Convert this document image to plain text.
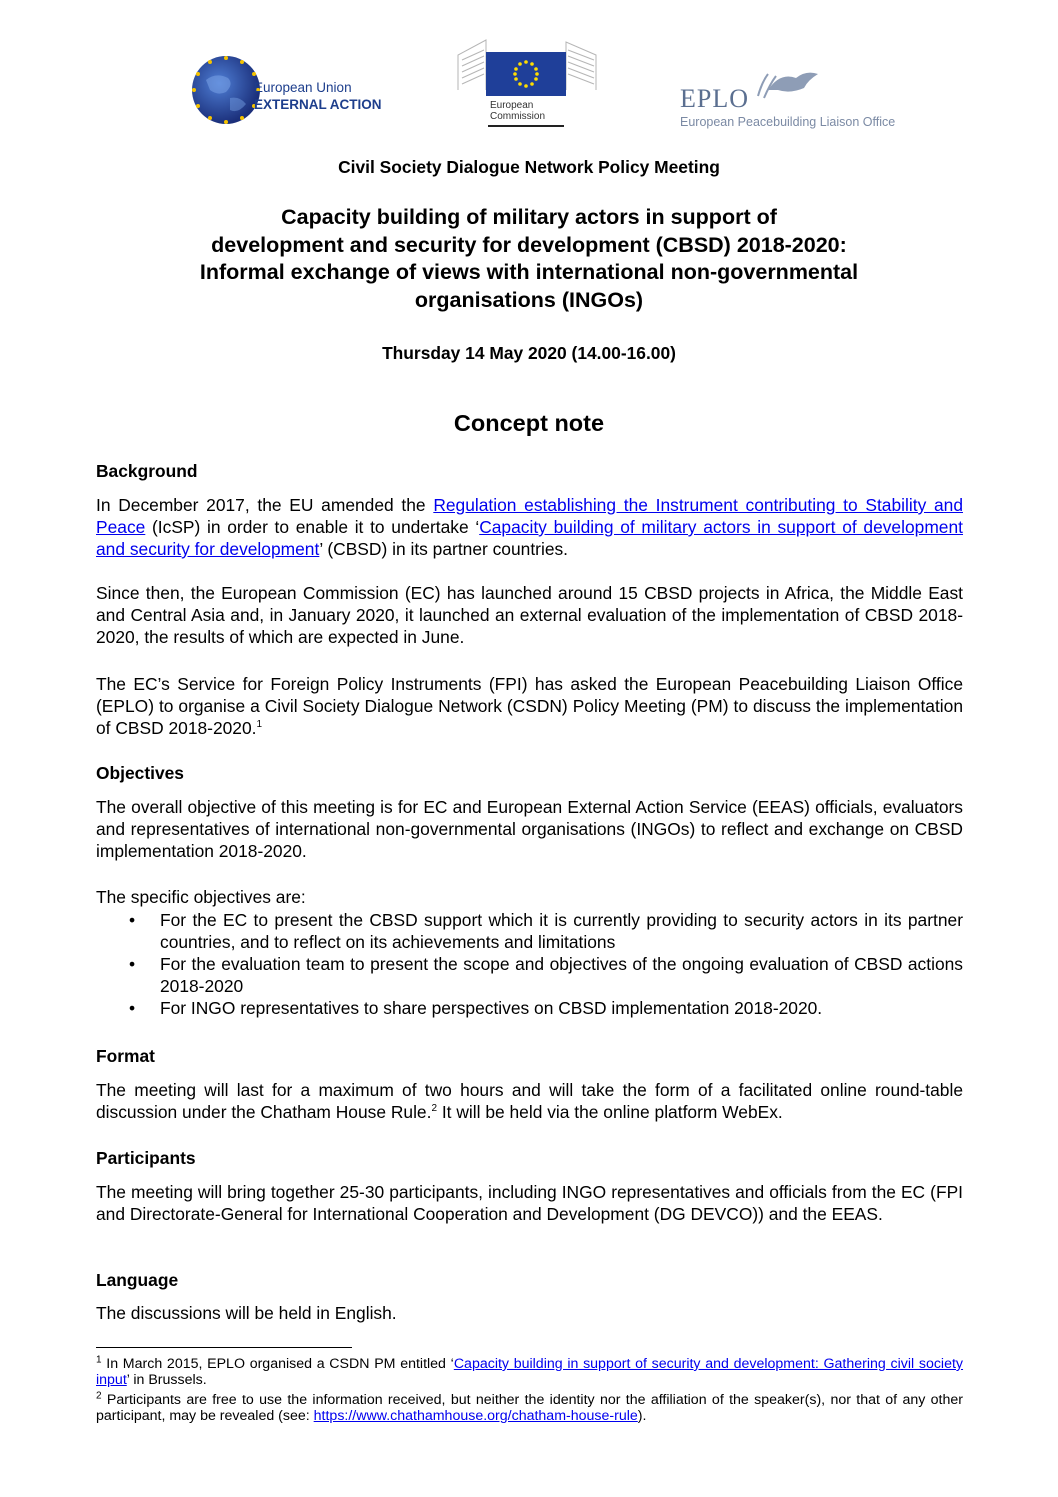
European Union
EXTERNAL ACTION	European
Commission
EPLO
European Peacebuilding Liaison Office
Civil Society Dialogue Network Policy Meeting
Capacity building of military actors in support of
development and security for development (CBSD) 2018-2020:
Informal exchange of views with international non-governmental
organisations (INGOs)
Thursday 14 May 2020 (14.00-16.00)
Concept note
Background
In December 2017, the EU amended the Regulation establishing the Instrument contributing to Stability and Peace (IcSP) in order to enable it to undertake ‘Capacity building of military actors in support of development and security for development’ (CBSD) in its partner countries.
Since then, the European Commission (EC) has launched around 15 CBSD projects in Africa, the Middle East and Central Asia and, in January 2020, it launched an external evaluation of the implementation of CBSD 2018-2020, the results of which are expected in June.
The EC’s Service for Foreign Policy Instruments (FPI) has asked the European Peacebuilding Liaison Office (EPLO) to organise a Civil Society Dialogue Network (CSDN) Policy Meeting (PM) to discuss the implementation of CBSD 2018-2020.$^1$
Objectives
The overall objective of this meeting is for EC and European External Action Service (EEAS) officials, evaluators and representatives of international non-governmental organisations (INGOs) to reflect and exchange on CBSD implementation 2018-2020.
The specific objectives are:
• For the EC to present the CBSD support which it is currently providing to security actors in its partner countries, and to reflect on its achievements and limitations
• For the evaluation team to present the scope and objectives of the ongoing evaluation of CBSD actions 2018-2020
• For INGO representatives to share perspectives on CBSD implementation 2018-2020.
Format
The meeting will last for a maximum of two hours and will take the form of a facilitated online round-table discussion under the Chatham House Rule.$^2$ It will be held via the online platform WebEx.
Participants
The meeting will bring together 25-30 participants, including INGO representatives and officials from the EC (FPI and Directorate-General for International Cooperation and Development (DG DEVCO)) and the EEAS.
Language
The discussions will be held in English.
$^1$ In March 2015, EPLO organised a CSDN PM entitled ‘Capacity building in support of security and development: Gathering civil society input’ in Brussels.
$^2$ Participants are free to use the information received, but neither the identity nor the affiliation of the speaker(s), nor that of any other participant, may be revealed (see: https://www.chathamhouse.org/chatham-house-rule).
